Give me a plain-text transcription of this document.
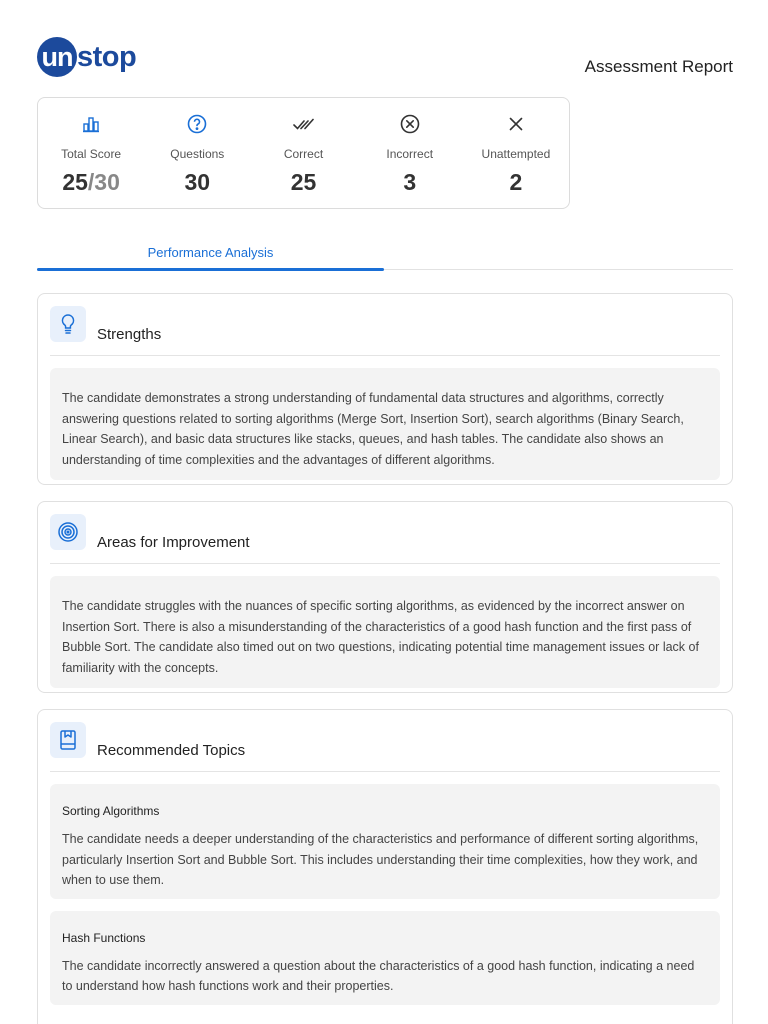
un stop	Assessment Report
Total Score
25/30
Questions
30
Correct
25
Incorrect
3
Unattempted
2
Performance Analysis
Strengths
The candidate demonstrates a strong understanding of fundamental data structures and algorithms, correctly answering questions related to sorting algorithms (Merge Sort, Insertion Sort), search algorithms (Binary Search, Linear Search), and basic data structures like stacks, queues, and hash tables. The candidate also shows an understanding of time complexities and the advantages of different algorithms.
Areas for Improvement
The candidate struggles with the nuances of specific sorting algorithms, as evidenced by the incorrect answer on Insertion Sort. There is also a misunderstanding of the characteristics of a good hash function and the first pass of Bubble Sort. The candidate also timed out on two questions, indicating potential time management issues or lack of familiarity with the concepts.
Recommended Topics
Sorting Algorithms
The candidate needs a deeper understanding of the characteristics and performance of different sorting algorithms, particularly Insertion Sort and Bubble Sort. This includes understanding their time complexities, how they work, and when to use them.
Hash Functions
The candidate incorrectly answered a question about the characteristics of a good hash function, indicating a need to understand how hash functions work and their properties.
